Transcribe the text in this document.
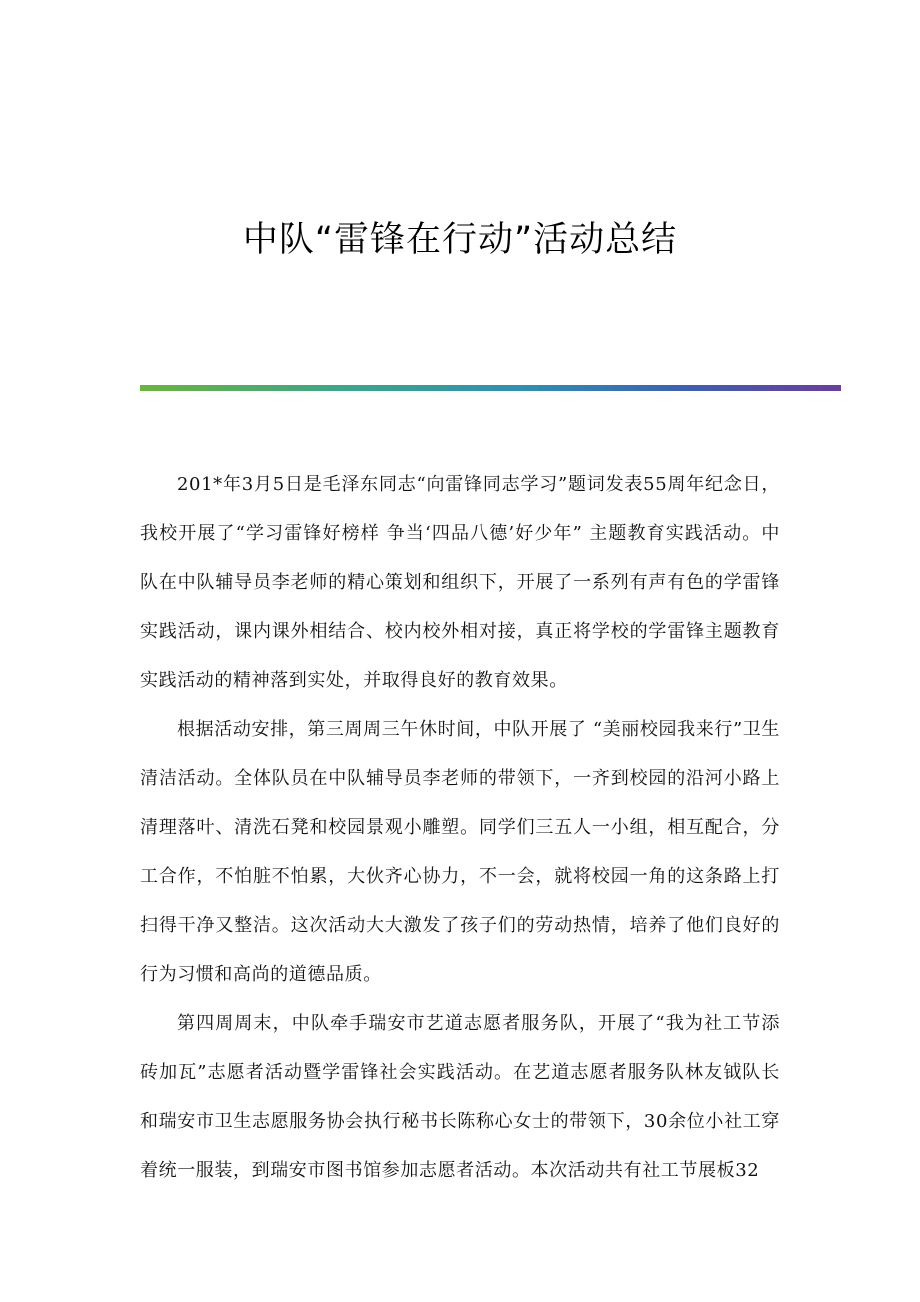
中队“雷锋在行动”活动总结

201*年3月5日是毛泽东同志“向雷锋同志学习”题词发表55周年纪念日，我校开展了“学习雷锋好榜样 争当‘四品八德’好少年” 主题教育实践活动。中队在中队辅导员李老师的精心策划和组织下，开展了一系列有声有色的学雷锋实践活动，课内课外相结合、校内校外相对接，真正将学校的学雷锋主题教育实践活动的精神落到实处，并取得良好的教育效果。

根据活动安排，第三周周三午休时间，中队开展了 “美丽校园我来行”卫生清洁活动。全体队员在中队辅导员李老师的带领下，一齐到校园的沿河小路上清理落叶、清洗石凳和校园景观小雕塑。同学们三五人一小组，相互配合，分工合作，不怕脏不怕累，大伙齐心协力，不一会，就将校园一角的这条路上打扫得干净又整洁。这次活动大大激发了孩子们的劳动热情，培养了他们良好的行为习惯和高尚的道德品质。

第四周周末，中队牵手瑞安市艺道志愿者服务队，开展了“我为社工节添砖加瓦”志愿者活动暨学雷锋社会实践活动。在艺道志愿者服务队林友钺队长和瑞安市卫生志愿服务协会执行秘书长陈称心女士的带领下，30余位小社工穿着统一服装，到瑞安市图书馆参加志愿者活动。本次活动共有社工节展板32
